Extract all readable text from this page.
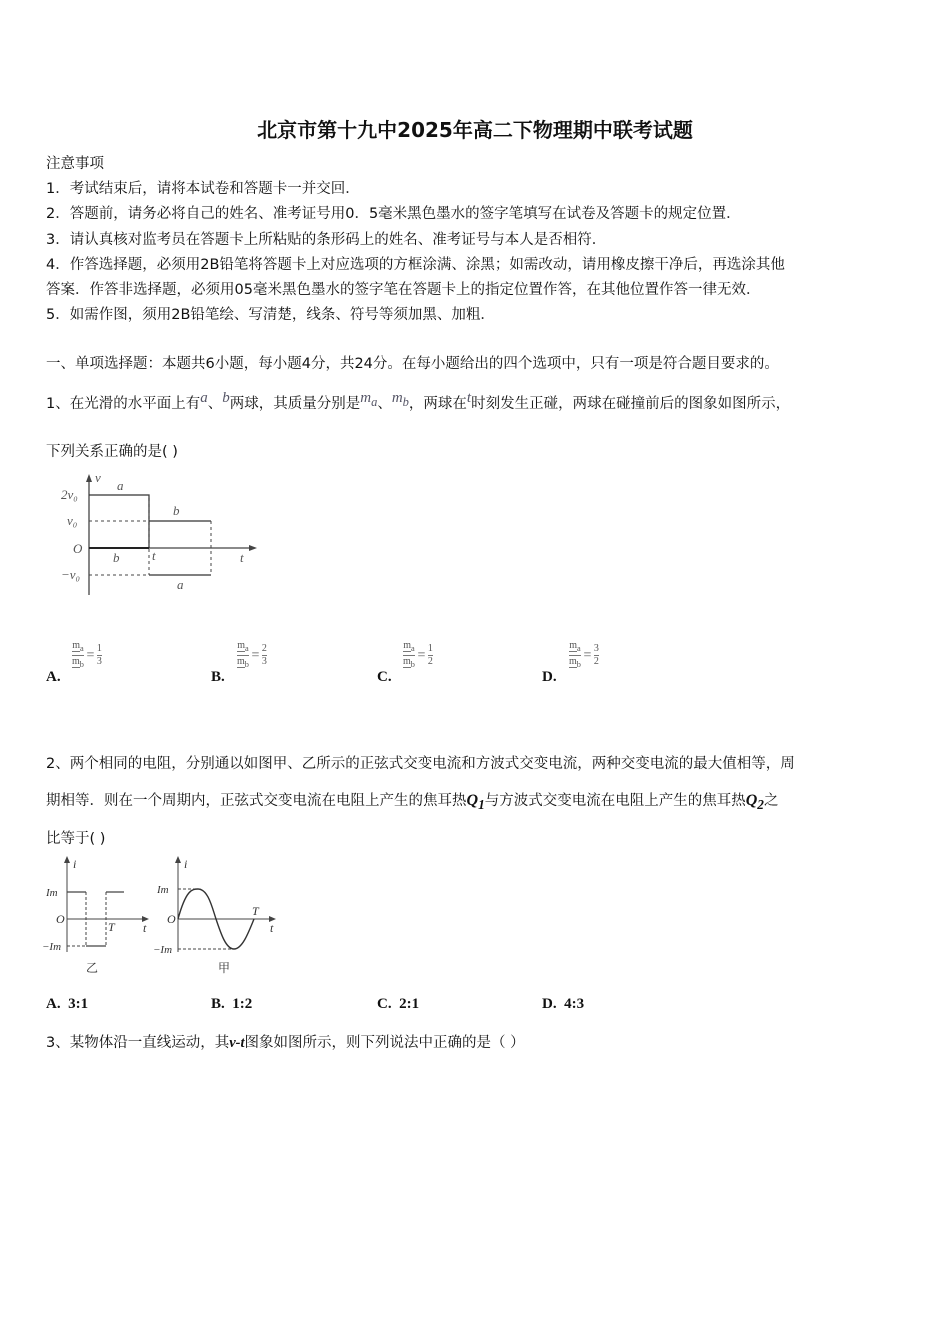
北京市第十九中2025年高二下物理期中联考试题
注意事项
1．考试结束后，请将本试卷和答题卡一并交回．
2．答题前，请务必将自己的姓名、准考证号用0．5毫米黑色墨水的签字笔填写在试卷及答题卡的规定位置．
3．请认真核对监考员在答题卡上所粘贴的条形码上的姓名、准考证号与本人是否相符．
4．作答选择题，必须用2B铅笔将答题卡上对应选项的方框涂满、涂黑；如需改动，请用橡皮擦干净后，再选涂其他
答案．作答非选择题，必须用05毫米黑色墨水的签字笔在答题卡上的指定位置作答，在其他位置作答一律无效．
5．如需作图，须用2B铅笔绘、写清楚，线条、符号等须加黑、加粗．
一、单项选择题：本题共6小题，每小题4分，共24分。在每小题给出的四个选项中，只有一项是符合题目要求的。
1、在光滑的水平面上有$^a$、$^b$两球，其质量分别是$^{m_a}$、$^{m_b}$，两球在$^t$时刻发生正碰，两球在碰撞前后的图象如图所示，
下列关系正确的是( )
v
2v₀
v₀
O
−v₀
a
b
b	t
a
t
$\frac{m_a}{m_b}$
=
$\frac{1}{3}$	$\frac{m_a}{m_b}$
=
$\frac{2}{3}$	$\frac{m_a}{m_b}$
=
$\frac{1}{2}$	$\frac{m_a}{m_b}$
=
$\frac{3}{2}$
A.	B.	C.	D.
2、两个相同的电阻，分别通以如图甲、乙所示的正弦式交变电流和方波式交变电流，两种交变电流的最大值相等，周
期相等．则在一个周期内，正弦式交变电流在电阻上产生的焦耳热$Q_1$与方波式交变电流在电阻上产生的焦耳热$Q_2$之
比等于( )
i
Im
O
−Im
T t
乙
i
Im
O
−Im
T
t
甲
A. 3:1	B. 1:2	C. 2:1	D. 4:3
3、某物体沿一直线运动，其v-t图象如图所示，则下列说法中正确的是（ ）
